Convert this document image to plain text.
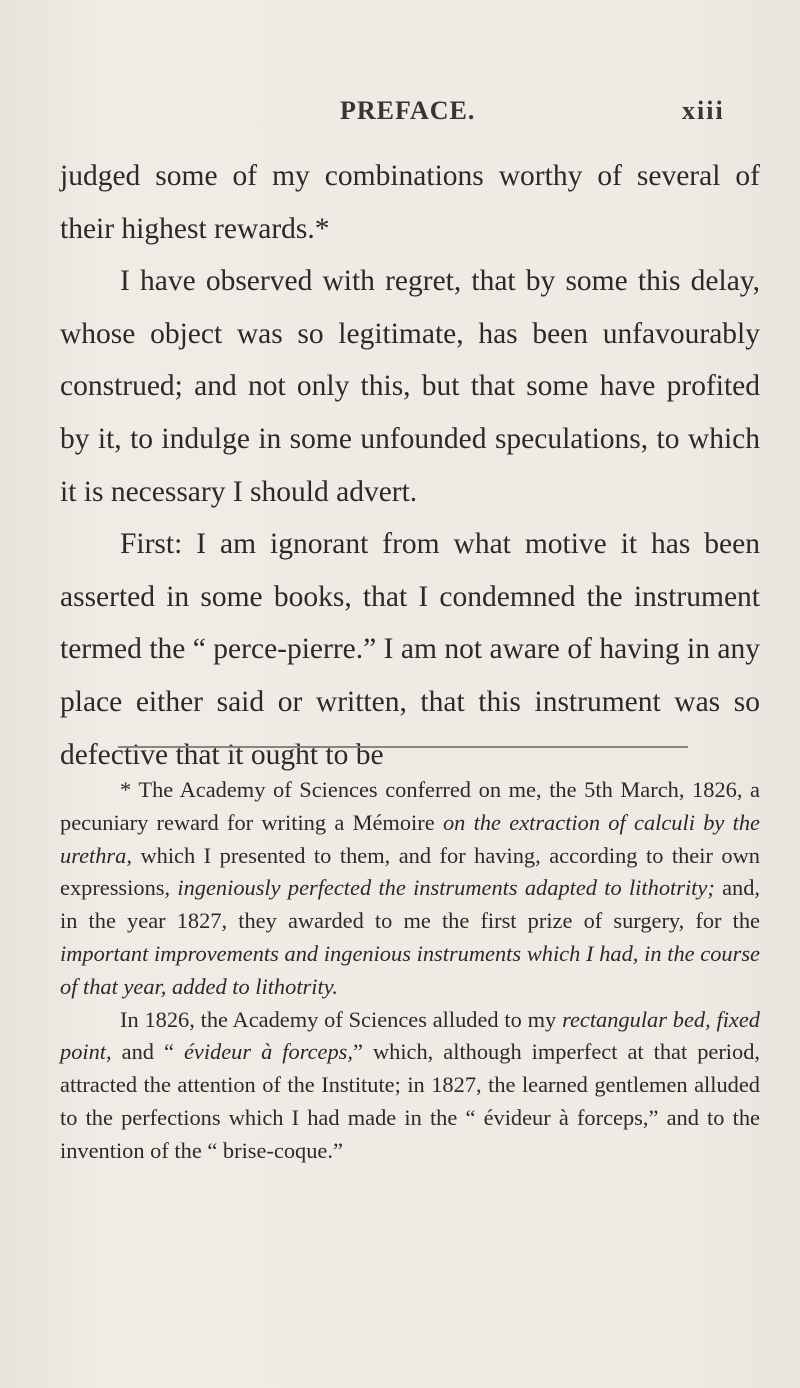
PREFACE.	xiii

judged some of my combinations worthy of several of their highest rewards.*

I have observed with regret, that by some this delay, whose object was so legitimate, has been unfavourably construed; and not only this, but that some have profited by it, to indulge in some unfounded speculations, to which it is necessary I should advert.

First: I am ignorant from what motive it has been asserted in some books, that I condemned the instrument termed the “ perce-pierre.” I am not aware of having in any place either said or written, that this instrument was so defective that it ought to be

* The Academy of Sciences conferred on me, the 5th March, 1826, a pecuniary reward for writing a Mémoire on the extraction of calculi by the urethra, which I presented to them, and for having, according to their own expressions, ingeniously perfected the instruments adapted to lithotrity; and, in the year 1827, they awarded to me the first prize of surgery, for the important improvements and ingenious instruments which I had, in the course of that year, added to lithotrity.

In 1826, the Academy of Sciences alluded to my rectangular bed, fixed point, and “ évideur à forceps,” which, although imperfect at that period, attracted the attention of the Institute; in 1827, the learned gentlemen alluded to the perfections which I had made in the “ évideur à forceps,” and to the invention of the “ brise-coque.”
